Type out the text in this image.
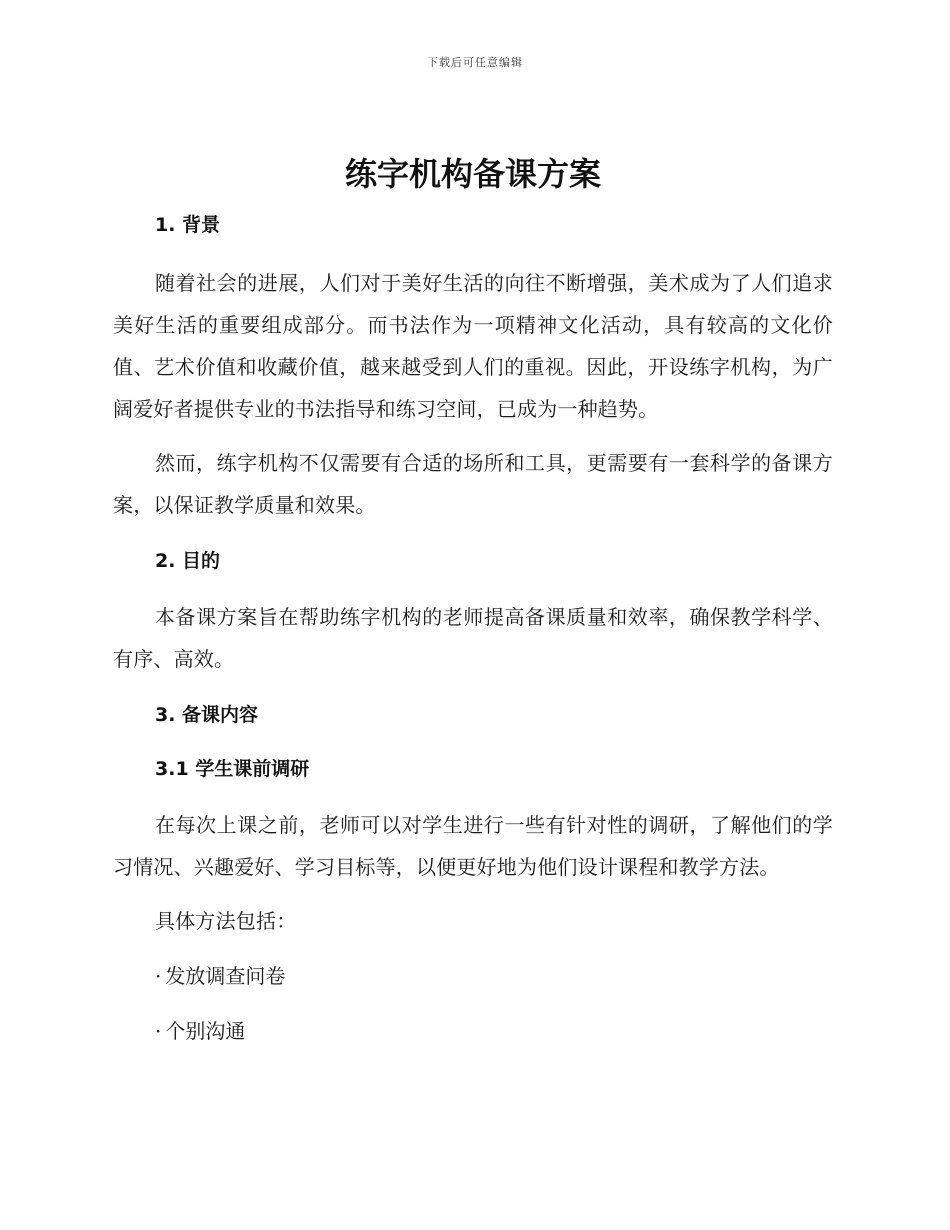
下载后可任意编辑
练字机构备课方案
1. 背景
随着社会的进展，人们对于美好生活的向往不断增强，美术成为了人们追求美好生活的重要组成部分。而书法作为一项精神文化活动，具有较高的文化价值、艺术价值和收藏价值，越来越受到人们的重视。因此，开设练字机构，为广阔爱好者提供专业的书法指导和练习空间，已成为一种趋势。
然而，练字机构不仅需要有合适的场所和工具，更需要有一套科学的备课方案，以保证教学质量和效果。
2. 目的
本备课方案旨在帮助练字机构的老师提高备课质量和效率，确保教学科学、有序、高效。
3. 备课内容
3.1 学生课前调研
在每次上课之前，老师可以对学生进行一些有针对性的调研，了解他们的学习情况、兴趣爱好、学习目标等，以便更好地为他们设计课程和教学方法。
具体方法包括：
· 发放调查问卷
· 个别沟通
